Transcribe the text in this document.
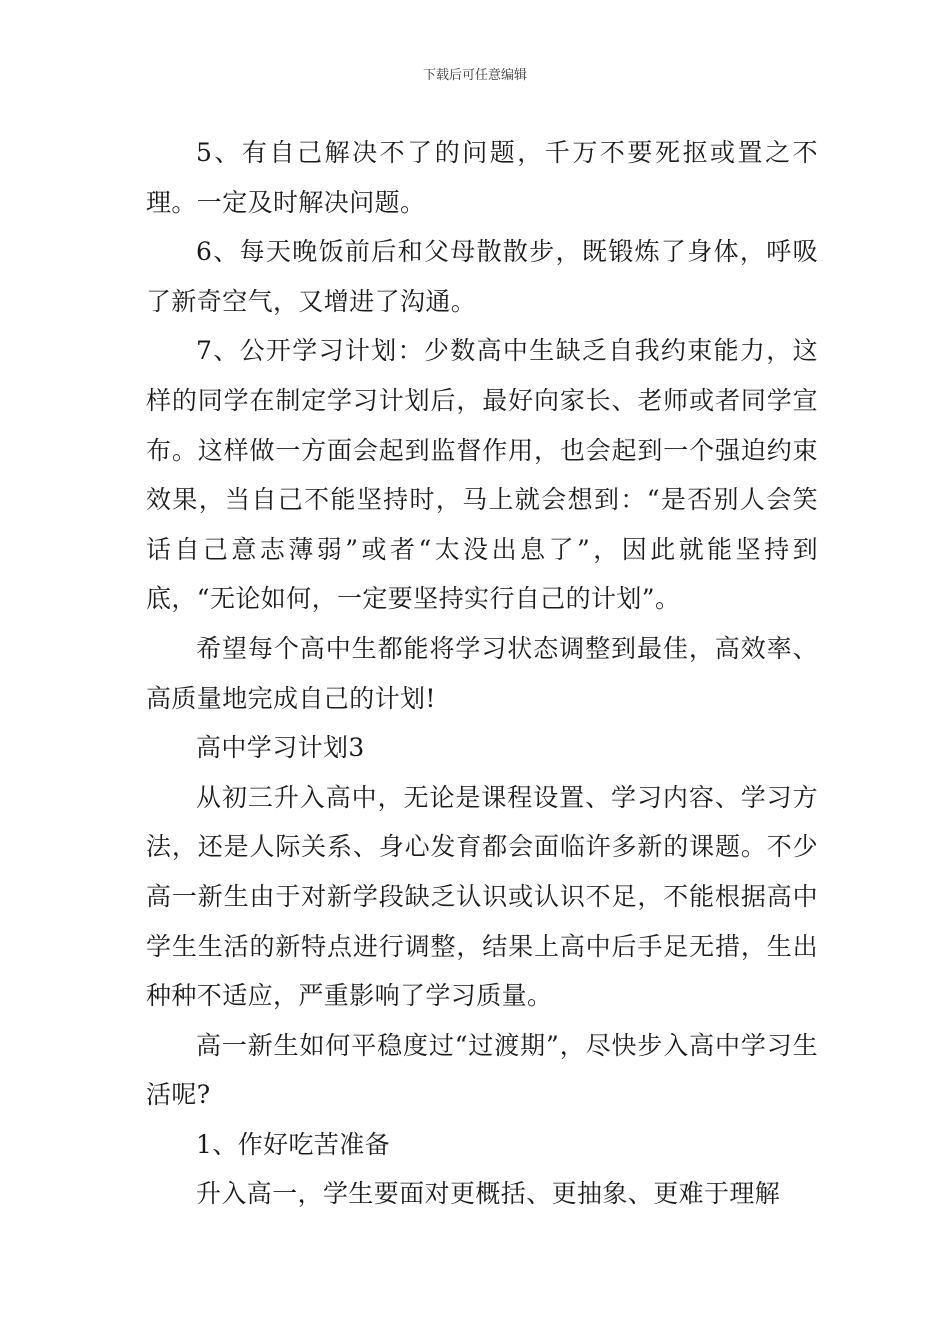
下载后可任意编辑

5、有自己解决不了的问题，千万不要死抠或置之不理。一定及时解决问题。

6、每天晚饭前后和父母散散步，既锻炼了身体，呼吸了新奇空气，又增进了沟通。

7、公开学习计划：少数高中生缺乏自我约束能力，这样的同学在制定学习计划后，最好向家长、老师或者同学宣布。这样做一方面会起到监督作用，也会起到一个强迫约束效果，当自己不能坚持时，马上就会想到：“是否别人会笑话自己意志薄弱”或者“太没出息了”，因此就能坚持到底，“无论如何，一定要坚持实行自己的计划”。

希望每个高中生都能将学习状态调整到最佳，高效率、高质量地完成自己的计划!

高中学习计划3

从初三升入高中，无论是课程设置、学习内容、学习方法，还是人际关系、身心发育都会面临许多新的课题。不少高一新生由于对新学段缺乏认识或认识不足，不能根据高中学生生活的新特点进行调整，结果上高中后手足无措，生出种种不适应，严重影响了学习质量。

高一新生如何平稳度过“过渡期”，尽快步入高中学习生活呢?

1、作好吃苦准备

升入高一，学生要面对更概括、更抽象、更难于理解
